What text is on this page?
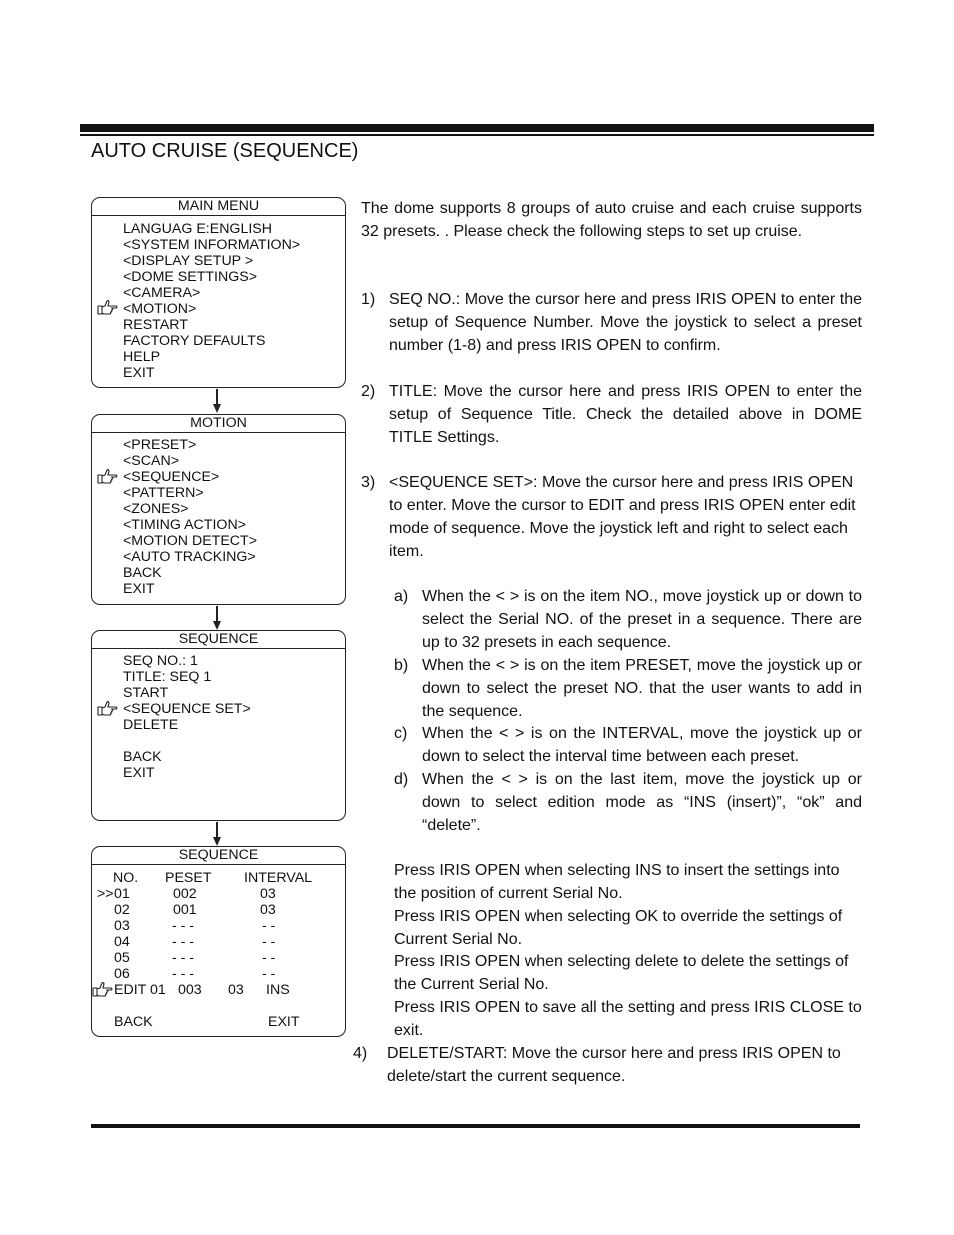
AUTO CRUISE (SEQUENCE)
MAIN MENU
LANGUAG E:ENGLISH
<SYSTEM INFORMATION>
<DISPLAY SETUP >
<DOME SETTINGS>
<CAMERA>
<MOTION>
RESTART
FACTORY DEFAULTS
HELP
EXIT
MOTION
<PRESET>
<SCAN>
<SEQUENCE>
<PATTERN>
<ZONES>
<TIMING ACTION>
<MOTION DETECT>
<AUTO TRACKING>
BACK
EXIT
SEQUENCE
SEQ NO.: 1
TITLE: SEQ 1
START
<SEQUENCE SET>
DELETE
BACK
EXIT
SEQUENCE
NO. PESET INTERVAL
>> 01	002	03
02	001	03
03	- - -	- -
04	- - -	- -
05	- - -	- -
06	- - -	- -
EDIT 01 003 03 INS
BACK	EXIT
The dome supports 8 groups of auto cruise and each cruise supports 32 presets. . Please check the following steps to set up cruise.
1) SEQ NO.: Move the cursor here and press IRIS OPEN to enter the setup of Sequence Number. Move the joystick to select a preset number (1-8) and press IRIS OPEN to confirm.
2) TITLE: Move the cursor here and press IRIS OPEN to enter the setup of Sequence Title. Check the detailed above in DOME TITLE Settings.
3) <SEQUENCE SET>: Move the cursor here and press IRIS OPEN to enter. Move the cursor to EDIT and press IRIS OPEN enter edit mode of sequence. Move the joystick left and right to select each item.
a) When the < > is on the item NO., move joystick up or down to select the Serial NO. of the preset in a sequence. There are up to 32 presets in each sequence.
b) When the < > is on the item PRESET, move the joystick up or down to select the preset NO. that the user wants to add in the sequence.
c) When the < > is on the INTERVAL, move the joystick up or down to select the interval time between each preset.
d) When the < > is on the last item, move the joystick up or down to select edition mode as “INS (insert)”, “ok” and “delete”.
Press IRIS OPEN when selecting INS to insert the settings into the position of current Serial No.
Press IRIS OPEN when selecting OK to override the settings of Current Serial No.
Press IRIS OPEN when selecting delete to delete the settings of the Current Serial No.
Press IRIS OPEN to save all the setting and press IRIS CLOSE to exit.
4) DELETE/START: Move the cursor here and press IRIS OPEN to delete/start the current sequence.
